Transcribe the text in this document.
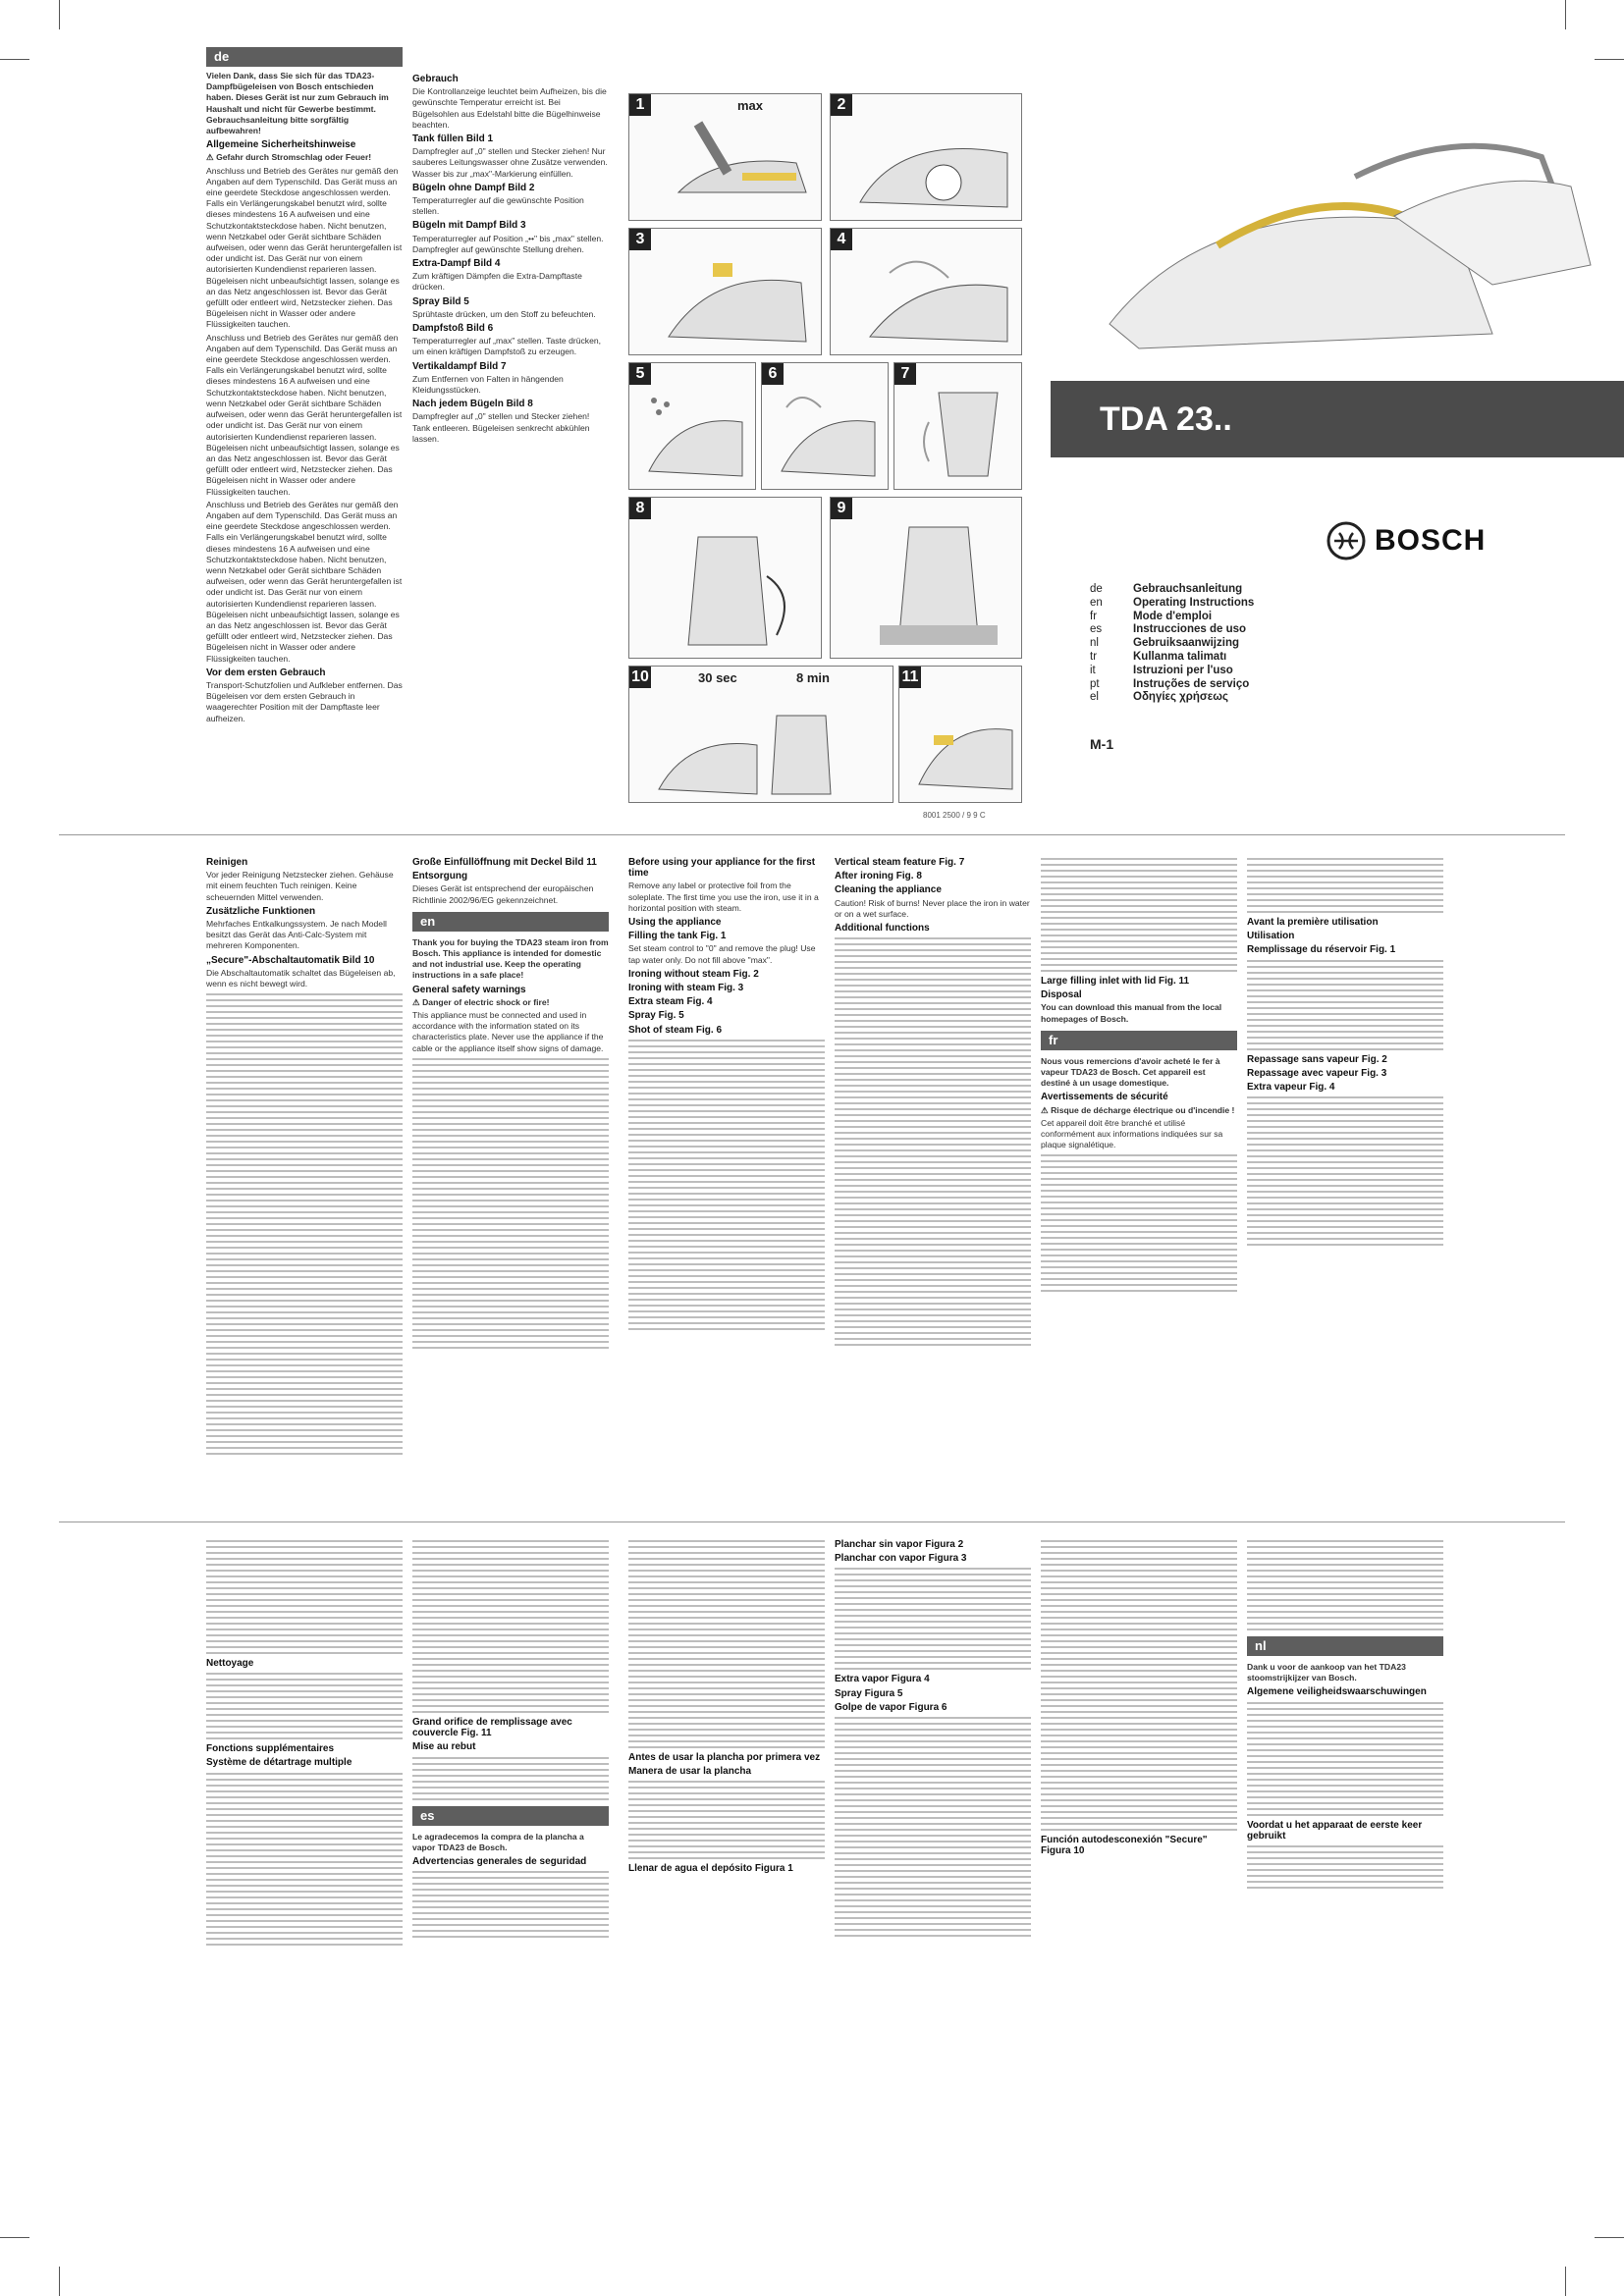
de

Vielen Dank, dass Sie sich für das TDA23-Dampfbügeleisen von Bosch entschieden haben. Dieses Gerät ist nur zum Gebrauch im Haushalt und nicht für Gewerbe bestimmt. Gebrauchsanleitung bitte sorgfältig aufbewahren!

Allgemeine Sicherheitshinweise

⚠ Gefahr durch Stromschlag oder Feuer!

Anschluss und Betrieb des Gerätes nur gemäß den Angaben auf dem Typenschild. Das Gerät muss an eine geerdete Steckdose angeschlossen werden. Falls ein Verlängerungskabel benutzt wird, sollte dieses mindestens 16 A aufweisen und eine Schutzkontaktsteckdose haben. Nicht benutzen, wenn Netzkabel oder Gerät sichtbare Schäden aufweisen, oder wenn das Gerät heruntergefallen ist oder undicht ist. Das Gerät nur von einem autorisierten Kundendienst reparieren lassen. Bügeleisen nicht unbeaufsichtigt lassen, solange es an das Netz angeschlossen ist. Bevor das Gerät gefüllt oder entleert wird, Netzstecker ziehen. Das Bügeleisen nicht in Wasser oder andere Flüssigkeiten tauchen.

Anschluss und Betrieb des Gerätes nur gemäß den Angaben auf dem Typenschild. Das Gerät muss an eine geerdete Steckdose angeschlossen werden. Falls ein Verlängerungskabel benutzt wird, sollte dieses mindestens 16 A aufweisen und eine Schutzkontaktsteckdose haben. Nicht benutzen, wenn Netzkabel oder Gerät sichtbare Schäden aufweisen, oder wenn das Gerät heruntergefallen ist oder undicht ist. Das Gerät nur von einem autorisierten Kundendienst reparieren lassen. Bügeleisen nicht unbeaufsichtigt lassen, solange es an das Netz angeschlossen ist. Bevor das Gerät gefüllt oder entleert wird, Netzstecker ziehen. Das Bügeleisen nicht in Wasser oder andere Flüssigkeiten tauchen.

Anschluss und Betrieb des Gerätes nur gemäß den Angaben auf dem Typenschild. Das Gerät muss an eine geerdete Steckdose angeschlossen werden. Falls ein Verlängerungskabel benutzt wird, sollte dieses mindestens 16 A aufweisen und eine Schutzkontaktsteckdose haben. Nicht benutzen, wenn Netzkabel oder Gerät sichtbare Schäden aufweisen, oder wenn das Gerät heruntergefallen ist oder undicht ist. Das Gerät nur von einem autorisierten Kundendienst reparieren lassen. Bügeleisen nicht unbeaufsichtigt lassen, solange es an das Netz angeschlossen ist. Bevor das Gerät gefüllt oder entleert wird, Netzstecker ziehen. Das Bügeleisen nicht in Wasser oder andere Flüssigkeiten tauchen.

Vor dem ersten Gebrauch

Transport-Schutzfolien und Aufkleber entfernen. Das Bügeleisen vor dem ersten Gebrauch in waagerechter Position mit der Dampftaste leer aufheizen.

Gebrauch

Die Kontrollanzeige leuchtet beim Aufheizen, bis die gewünschte Temperatur erreicht ist. Bei Bügelsohlen aus Edelstahl bitte die Bügelhinweise beachten.

Tank füllen Bild 1

Dampfregler auf „0" stellen und Stecker ziehen! Nur sauberes Leitungswasser ohne Zusätze verwenden. Wasser bis zur „max"-Markierung einfüllen.

Bügeln ohne Dampf Bild 2

Temperaturregler auf die gewünschte Position stellen.

Bügeln mit Dampf Bild 3

Temperaturregler auf Position „••" bis „max" stellen. Dampfregler auf gewünschte Stellung drehen.

Extra-Dampf Bild 4

Zum kräftigen Dämpfen die Extra-Dampftaste drücken.

Spray Bild 5

Sprühtaste drücken, um den Stoff zu befeuchten.

Dampfstoß Bild 6

Temperaturregler auf „max" stellen. Taste drücken, um einen kräftigen Dampfstoß zu erzeugen.

Vertikaldampf Bild 7

Zum Entfernen von Falten in hängenden Kleidungsstücken.

Nach jedem Bügeln Bild 8

Dampfregler auf „0" stellen und Stecker ziehen! Tank entleeren. Bügeleisen senkrecht abkühlen lassen.

1	max	2
3	4
5	6	7
8	9
10	30 sec	8 min	11
8001 2500 / 9 9 C
TDA 23..
BOSCH
de	Gebrauchsanleitung
en	Operating Instructions
fr	Mode d'emploi
es	Instrucciones de uso
nl	Gebruiksaanwijzing
tr	Kullanma talimatı
it	Istruzioni per l'uso
pt	Instruções de serviço
el	Οδηγίες χρήσεως
M-1
Reinigen

Vor jeder Reinigung Netzstecker ziehen. Gehäuse mit einem feuchten Tuch reinigen. Keine scheuernden Mittel verwenden.

Zusätzliche Funktionen

Mehrfaches Entkalkungssystem. Je nach Modell besitzt das Gerät das Anti-Calc-System mit mehreren Komponenten.

„Secure"-Abschaltautomatik Bild 10

Die Abschaltautomatik schaltet das Bügeleisen ab, wenn es nicht bewegt wird.

Große Einfüllöffnung mit Deckel Bild 11
Entsorgung

Dieses Gerät ist entsprechend der europäischen Richtlinie 2002/96/EG gekennzeichnet.

en

Thank you for buying the TDA23 steam iron from Bosch. This appliance is intended for domestic and not industrial use. Keep the operating instructions in a safe place!

General safety warnings

⚠ Danger of electric shock or fire!

This appliance must be connected and used in accordance with the information stated on its characteristics plate. Never use the appliance if the cable or the appliance itself show signs of damage.

Before using your appliance for the first time

Remove any label or protective foil from the soleplate. The first time you use the iron, use it in a horizontal position with steam.

Using the appliance
Filling the tank Fig. 1

Set steam control to "0" and remove the plug! Use tap water only. Do not fill above "max".

Ironing without steam Fig. 2
Ironing with steam Fig. 3
Extra steam Fig. 4
Spray Fig. 5
Shot of steam Fig. 6
Vertical steam feature Fig. 7
After ironing Fig. 8
Cleaning the appliance

Caution! Risk of burns! Never place the iron in water or on a wet surface.

Additional functions
Large filling inlet with lid Fig. 11
Disposal

You can download this manual from the local homepages of Bosch.

fr

Nous vous remercions d'avoir acheté le fer à vapeur TDA23 de Bosch. Cet appareil est destiné à un usage domestique.

Avertissements de sécurité

⚠ Risque de décharge électrique ou d'incendie !

Cet appareil doit être branché et utilisé conformément aux informations indiquées sur sa plaque signalétique.

Avant la première utilisation
Utilisation
Remplissage du réservoir Fig. 1
Repassage sans vapeur Fig. 2
Repassage avec vapeur Fig. 3
Extra vapeur Fig. 4
Nettoyage
Fonctions supplémentaires
Système de détartrage multiple
Grand orifice de remplissage avec couvercle Fig. 11
Mise au rebut
es

Le agradecemos la compra de la plancha a vapor TDA23 de Bosch.

Advertencias generales de seguridad
Antes de usar la plancha por primera vez
Manera de usar la plancha
Llenar de agua el depósito Figura 1
Planchar sin vapor Figura 2
Planchar con vapor Figura 3
Extra vapor Figura 4
Spray Figura 5
Golpe de vapor Figura 6
Función autodesconexión "Secure" Figura 10
nl

Dank u voor de aankoop van het TDA23 stoomstrijkijzer van Bosch.

Algemene veiligheidswaarschuwingen
Voordat u het apparaat de eerste keer gebruikt
